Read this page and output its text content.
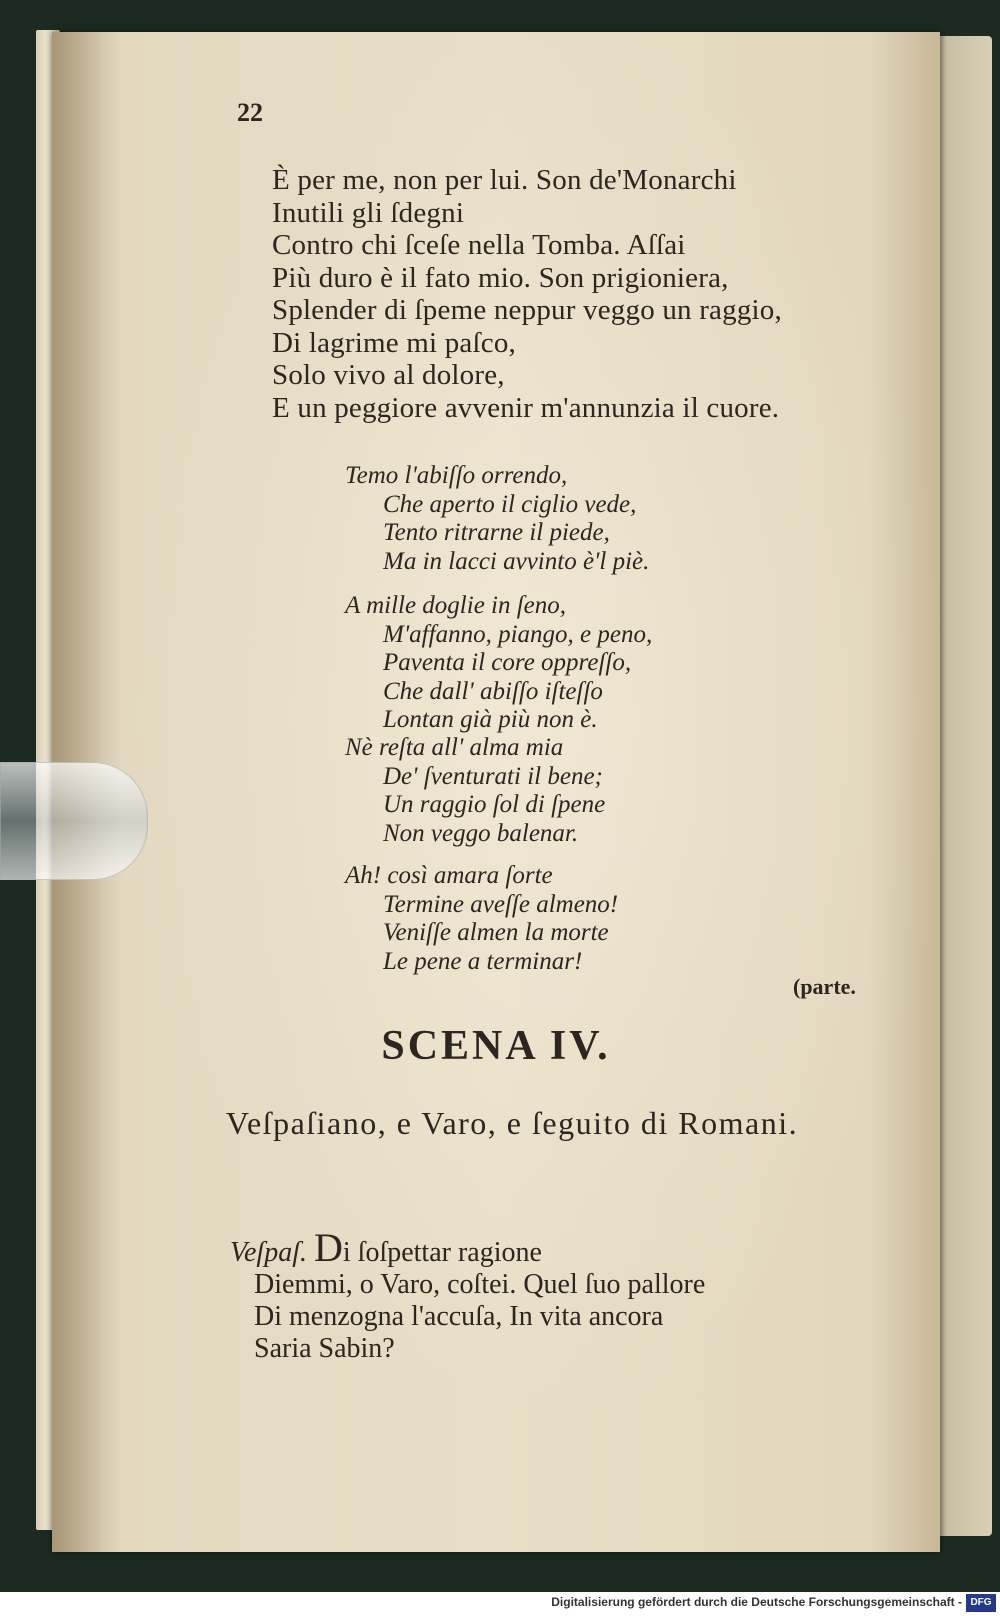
22
È per me, non per lui. Son de'Monarchi
Inutili gli ſdegni
Contro chi ſceſe nella Tomba. Aſſai
Più duro è il fato mio. Son prigioniera,
Splender di ſpeme neppur veggo un raggio,
Di lagrime mi paſco,
Solo vivo al dolore,
E un peggiore avvenir m'annunzia il cuore.
Temo l'abiſſo orrendo,
Che aperto il ciglio vede,
Tento ritrarne il piede,
Ma in lacci avvinto è'l piè.
A mille doglie in ſeno,
M'affanno, piango, e peno,
Paventa il core oppreſſo,
Che dall' abiſſo iſteſſo
Lontan già più non è.
Nè reſta all' alma mia
De' ſventurati il bene;
Un raggio ſol di ſpene
Non veggo balenar.
Ah! così amara ſorte
Termine aveſſe almeno!
Veniſſe almen la morte
Le pene a terminar!
(parte.
SCENA IV.
Veſpaſiano, e Varo, e ſeguito di Romani.
Veſpaſ. Di ſoſpettar ragione
Diemmi, o Varo, coſtei. Quel ſuo pallore
Di menzogna l'accuſa, In vita ancora
Saria Sabin?
Digitalisierung gefördert durch die Deutsche Forschungsgemeinschaft - DFG
